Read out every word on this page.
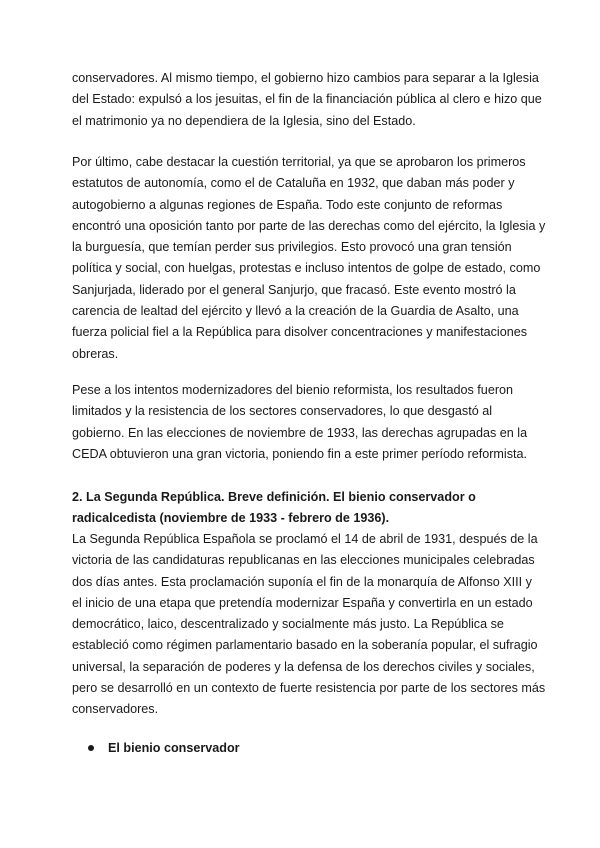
conservadores. Al mismo tiempo, el gobierno hizo cambios para separar a la Iglesia
del Estado: expulsó a los jesuitas, el fin de la financiación pública al clero e hizo que
el matrimonio ya no dependiera de la Iglesia, sino del Estado.

Por último, cabe destacar la cuestión territorial, ya que se aprobaron los primeros
estatutos de autonomía, como el de Cataluña en 1932, que daban más poder y
autogobierno a algunas regiones de España. Todo este conjunto de reformas
encontró una oposición tanto por parte de las derechas como del ejército, la Iglesia y
la burguesía, que temían perder sus privilegios. Esto provocó una gran tensión
política y social, con huelgas, protestas e incluso intentos de golpe de estado, como
Sanjurjada, liderado por el general Sanjurjo, que fracasó. Este evento mostró la
carencia de lealtad del ejército y llevó a la creación de la Guardia de Asalto, una
fuerza policial fiel a la República para disolver concentraciones y manifestaciones
obreras.

Pese a los intentos modernizadores del bienio reformista, los resultados fueron
limitados y la resistencia de los sectores conservadores, lo que desgastó al
gobierno. En las elecciones de noviembre de 1933, las derechas agrupadas en la
CEDA obtuvieron una gran victoria, poniendo fin a este primer período reformista.

2. La Segunda República. Breve definición. El bienio conservador o
radicalcedista (noviembre de 1933 - febrero de 1936).

La Segunda República Española se proclamó el 14 de abril de 1931, después de la
victoria de las candidaturas republicanas en las elecciones municipales celebradas
dos días antes. Esta proclamación suponía el fin de la monarquía de Alfonso XIII y
el inicio de una etapa que pretendía modernizar España y convertirla en un estado
democrático, laico, descentralizado y socialmente más justo. La República se
estableció como régimen parlamentario basado en la soberanía popular, el sufragio
universal, la separación de poderes y la defensa de los derechos civiles y sociales,
pero se desarrolló en un contexto de fuerte resistencia por parte de los sectores más
conservadores.

El bienio conservador
